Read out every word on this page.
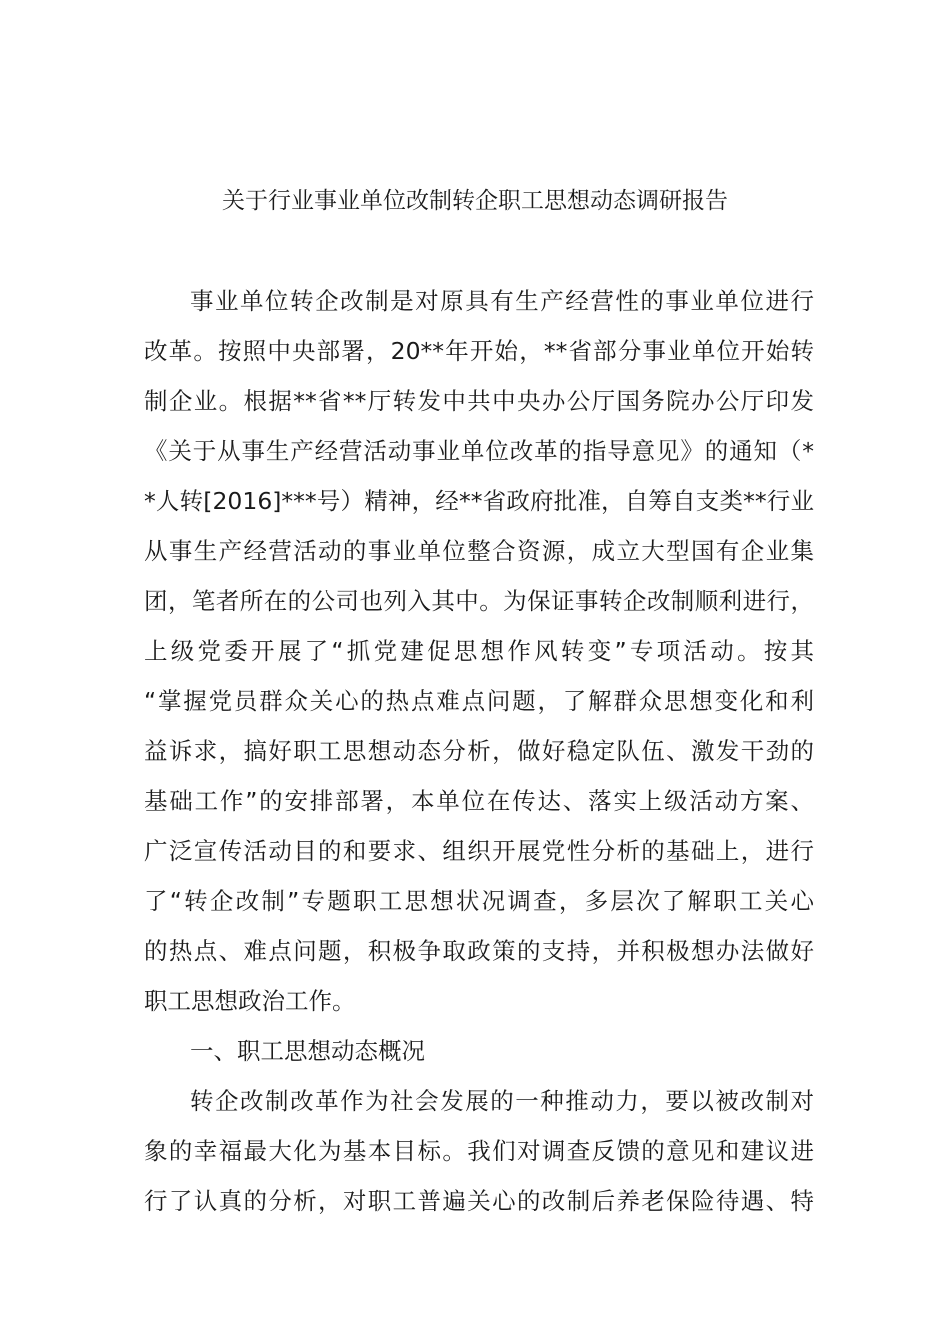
关于行业事业单位改制转企职工思想动态调研报告

事业单位转企改制是对原具有生产经营性的事业单位进行

改革。按照中央部署，20**年开始，**省部分事业单位开始转

制企业。根据**省**厅转发中共中央办公厅国务院办公厅印发

《关于从事生产经营活动事业单位改革的指导意见》的通知（*

*人转[2016]***号）精神，经**省政府批准，自筹自支类**行业

从事生产经营活动的事业单位整合资源，成立大型国有企业集

团，笔者所在的公司也列入其中。为保证事转企改制顺利进行，

上级党委开展了“抓党建促思想作风转变”专项活动。按其

“掌握党员群众关心的热点难点问题，了解群众思想变化和利

益诉求，搞好职工思想动态分析，做好稳定队伍、激发干劲的

基础工作”的安排部署，本单位在传达、落实上级活动方案、

广泛宣传活动目的和要求、组织开展党性分析的基础上，进行

了“转企改制”专题职工思想状况调查，多层次了解职工关心

的热点、难点问题，积极争取政策的支持，并积极想办法做好

职工思想政治工作。

一、职工思想动态概况

转企改制改革作为社会发展的一种推动力，要以被改制对

象的幸福最大化为基本目标。我们对调查反馈的意见和建议进

行了认真的分析，对职工普遍关心的改制后养老保险待遇、特
